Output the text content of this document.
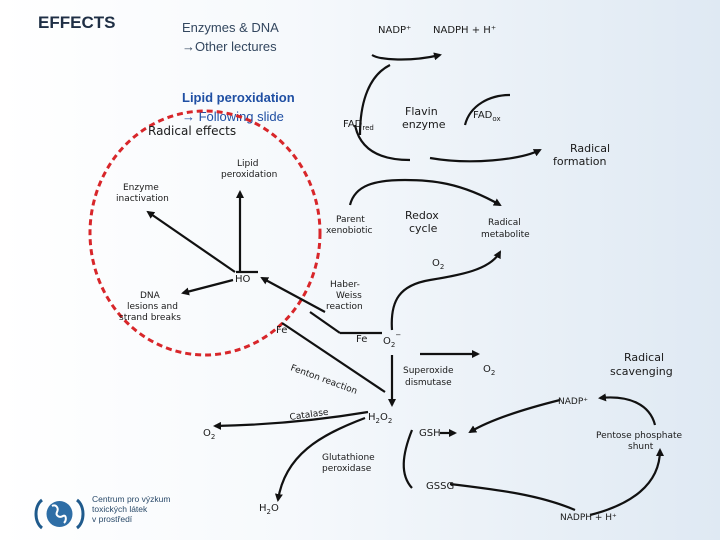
EFFECTS	Enzymes & DNA
→Other lectures
Lipid peroxidation
→ Following slide
Radical effects
Lipid
peroxidation
Enzyme
inactivation
DNA
lesions and
strand breaks
HO
NADP⁺ NADPH + H⁺
$FAD_{red}$
Flavin
enzyme
$FAD_{ox}$
Radical
formation
Parent
xenobiotic
Redox
cycle	Radical
metabolite
$O_2$
Haber-
Weiss
reaction
Fe
Fe $O_2^-$
Fenton reaction	Superoxide
dismutase
$O_2$
Radical
scavenging
NADP⁺
Catalase	$H_2O_2$
$O_2$	GSH	Pentose phosphate
shunt
Glutathione
peroxidase
GSSG
$H_2O$
NADPH + H⁺
Centrum pro výzkum
toxických látek
v prostředí
